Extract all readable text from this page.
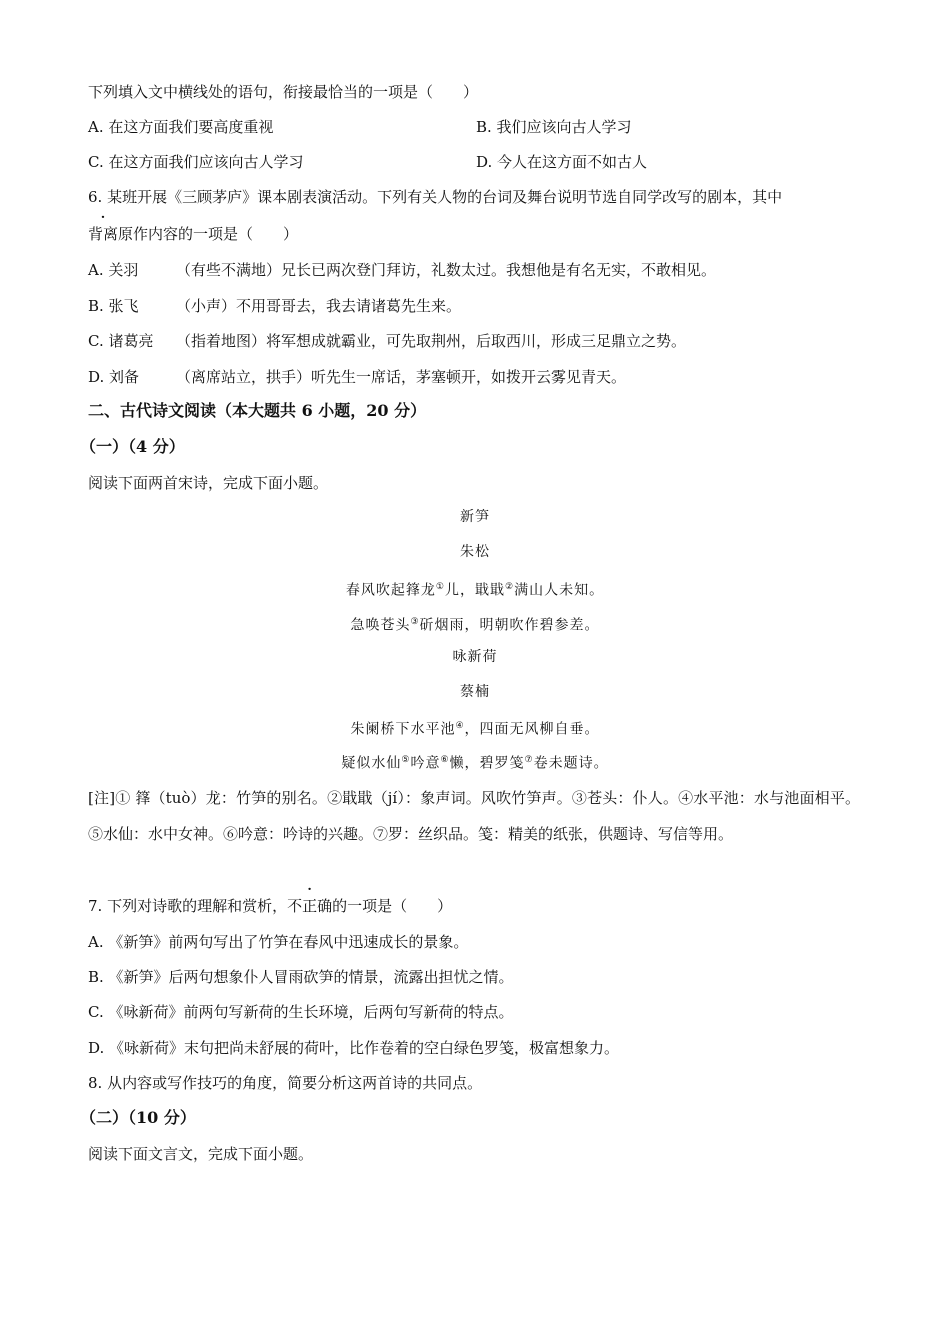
下列填入文中横线处的语句，衔接最恰当的一项是（　　）
A. 在这方面我们要高度重视	B. 我们应该向古人学习
C. 在这方面我们应该向古人学习	D. 今人在这方面不如古人
6. 某班开展《三顾茅庐》课本剧表演活动。下列有关人物的台词及舞台说明节选自同学改写的剧本，其中
背离原作内容的一项是（　　）
A. 关羽	（有些不满地）兄长已两次登门拜访，礼数太过。我想他是有名无实，不敢相见。
B. 张飞 （小声）不用哥哥去，我去请诸葛先生来。
C. 诸葛亮 （指着地图）将军想成就霸业，可先取荆州，后取西川，形成三足鼎立之势。
D. 刘备 （离席站立，拱手）听先生一席话，茅塞顿开，如拨开云雾见青天。
二、古代诗文阅读（本大题共 6 小题，20 分）
（一）（4 分）
阅读下面两首宋诗，完成下面小题。
新笋
朱松
春风吹起箨龙①儿，戢戢②满山人未知。
急唤苍头③斫烟雨，明朝吹作碧参差。
咏新荷
蔡楠
朱阑桥下水平池④，四面无风柳自垂。
疑似水仙⑤吟意⑥懒，碧罗笺⑦卷未题诗。
[注]① 箨（tuò）龙：竹笋的别名。②戢戢（jí）：象声词。风吹竹笋声。③苍头：仆人。④水平池：水与池面相平。⑤水仙：水中女神。⑥吟意：吟诗的兴趣。⑦罗：丝织品。笺：精美的纸张，供题诗、写信等用。
7. 下列对诗歌的理解和赏析，不正确的一项是（　　）
A. 《新笋》前两句写出了竹笋在春风中迅速成长的景象。
B. 《新笋》后两句想象仆人冒雨砍笋的情景，流露出担忧之情。
C. 《咏新荷》前两句写新荷的生长环境，后两句写新荷的特点。
D. 《咏新荷》末句把尚未舒展的荷叶，比作卷着的空白绿色罗笺，极富想象力。
8. 从内容或写作技巧的角度，简要分析这两首诗的共同点。
（二）（10 分）
阅读下面文言文，完成下面小题。
